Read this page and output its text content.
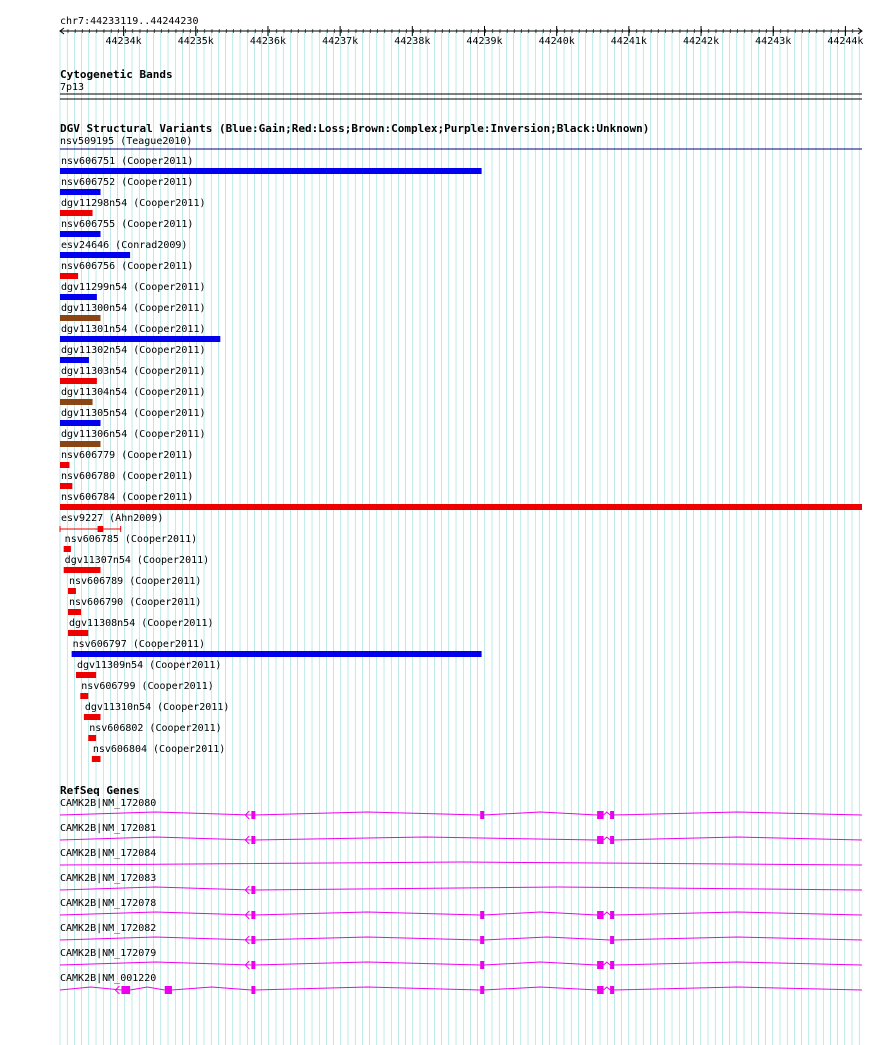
chr7:44233119..44244230
44234k	44235k	44236k	44237k	44238k	44239k	44240k	44241k	44242k	44243k	44244k
Cytogenetic Bands
7p13
DGV Structural Variants (Blue:Gain;Red:Loss;Brown:Complex;Purple:Inversion;Black:Unknown)
nsv509195 (Teague2010)
nsv606751 (Cooper2011)
nsv606752 (Cooper2011)
dgv11298n54 (Cooper2011)
nsv606755 (Cooper2011)
esv24646 (Conrad2009)
nsv606756 (Cooper2011)
dgv11299n54 (Cooper2011)
dgv11300n54 (Cooper2011)
dgv11301n54 (Cooper2011)
dgv11302n54 (Cooper2011)
dgv11303n54 (Cooper2011)
dgv11304n54 (Cooper2011)
dgv11305n54 (Cooper2011)
dgv11306n54 (Cooper2011)
nsv606779 (Cooper2011)
nsv606780 (Cooper2011)
nsv606784 (Cooper2011)
esv9227 (Ahn2009)
nsv606785 (Cooper2011)
dgv11307n54 (Cooper2011)
nsv606789 (Cooper2011)
nsv606790 (Cooper2011)
dgv11308n54 (Cooper2011)
nsv606797 (Cooper2011)
dgv11309n54 (Cooper2011)
nsv606799 (Cooper2011)
dgv11310n54 (Cooper2011)
nsv606802 (Cooper2011)
nsv606804 (Cooper2011)
RefSeq Genes
CAMK2B|NM_172080
CAMK2B|NM_172081
CAMK2B|NM_172084
CAMK2B|NM_172083
CAMK2B|NM_172078
CAMK2B|NM_172082
CAMK2B|NM_172079
CAMK2B|NM_001220
